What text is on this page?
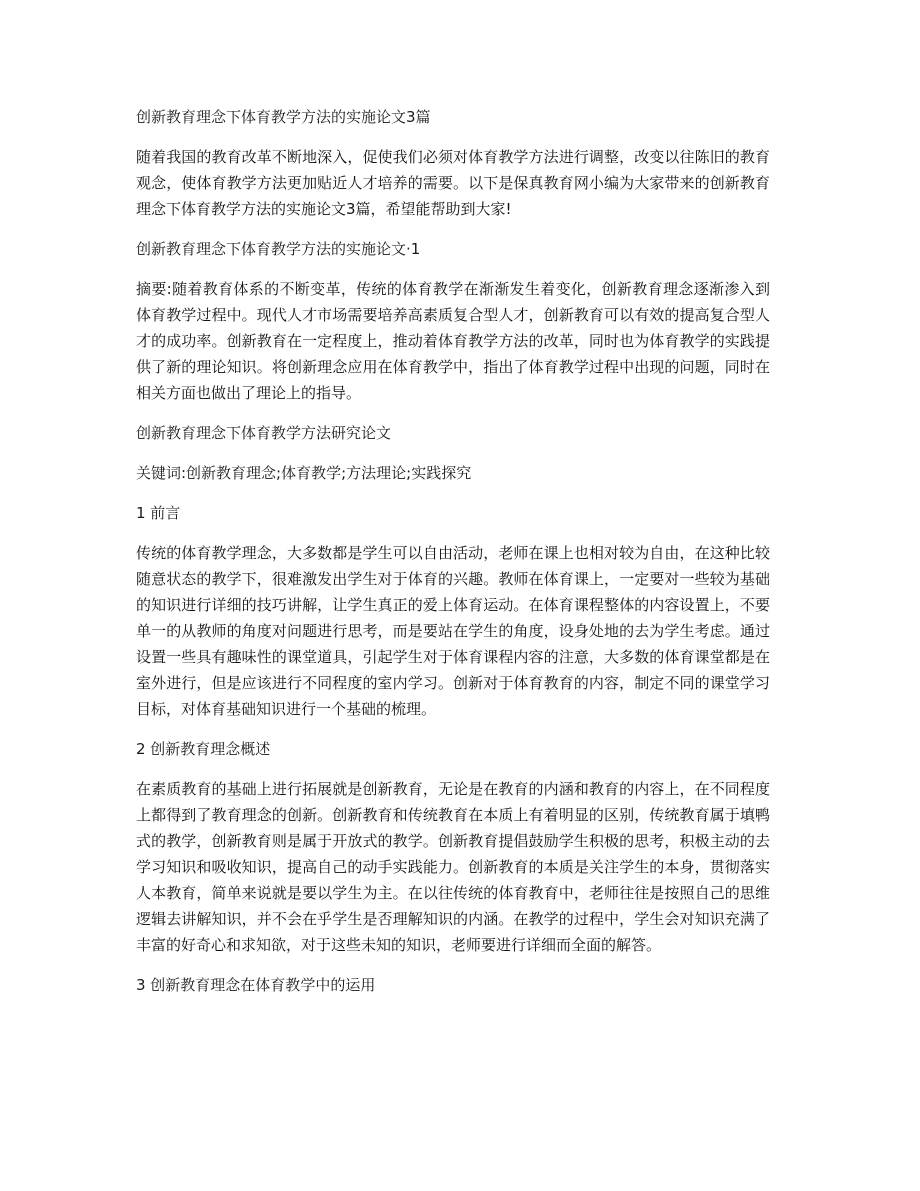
创新教育理念下体育教学方法的实施论文3篇
随着我国的教育改革不断地深入，促使我们必须对体育教学方法进行调整，改变以往陈旧的教育观念，使体育教学方法更加贴近人才培养的需要。以下是保真教育网小编为大家带来的创新教育理念下体育教学方法的实施论文3篇，希望能帮助到大家!
创新教育理念下体育教学方法的实施论文·1
摘要:随着教育体系的不断变革，传统的体育教学在渐渐发生着变化，创新教育理念逐渐渗入到体育教学过程中。现代人才市场需要培养高素质复合型人才，创新教育可以有效的提高复合型人才的成功率。创新教育在一定程度上，推动着体育教学方法的改革，同时也为体育教学的实践提供了新的理论知识。将创新理念应用在体育教学中，指出了体育教学过程中出现的问题，同时在相关方面也做出了理论上的指导。
创新教育理念下体育教学方法研究论文
关键词:创新教育理念;体育教学;方法理论;实践探究
1 前言
传统的体育教学理念，大多数都是学生可以自由活动，老师在课上也相对较为自由，在这种比较随意状态的教学下，很难激发出学生对于体育的兴趣。教师在体育课上，一定要对一些较为基础的知识进行详细的技巧讲解，让学生真正的爱上体育运动。在体育课程整体的内容设置上，不要单一的从教师的角度对问题进行思考，而是要站在学生的角度，设身处地的去为学生考虑。通过设置一些具有趣味性的课堂道具，引起学生对于体育课程内容的注意，大多数的体育课堂都是在室外进行，但是应该进行不同程度的室内学习。创新对于体育教育的内容，制定不同的课堂学习目标，对体育基础知识进行一个基础的梳理。
2 创新教育理念概述
在素质教育的基础上进行拓展就是创新教育，无论是在教育的内涵和教育的内容上，在不同程度上都得到了教育理念的创新。创新教育和传统教育在本质上有着明显的区别，传统教育属于填鸭式的教学，创新教育则是属于开放式的教学。创新教育提倡鼓励学生积极的思考，积极主动的去学习知识和吸收知识，提高自己的动手实践能力。创新教育的本质是关注学生的本身，贯彻落实人本教育，简单来说就是要以学生为主。在以往传统的体育教育中，老师往往是按照自己的思维逻辑去讲解知识，并不会在乎学生是否理解知识的内涵。在教学的过程中，学生会对知识充满了丰富的好奇心和求知欲，对于这些未知的知识，老师要进行详细而全面的解答。
3 创新教育理念在体育教学中的运用
